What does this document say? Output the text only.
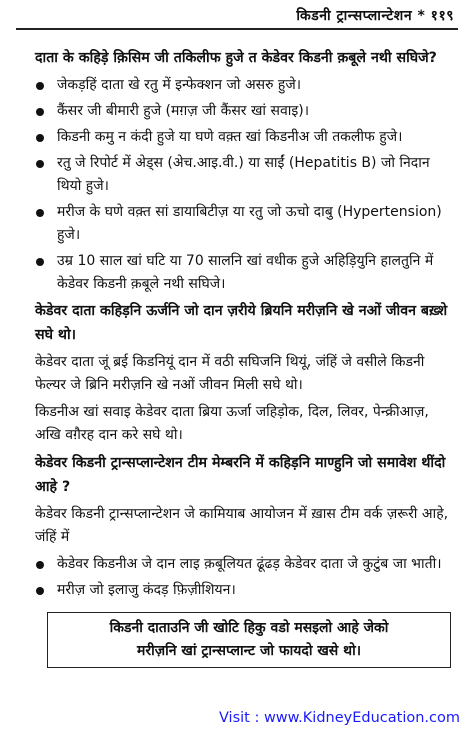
किडनी ट्रान्सप्लान्टेशन * ११९
दाता के कहिड़े क़िसिम जी तकिलीफ हुजे त केडेवर किडनी क़बूले नथी सघिजे?
जेकड़हिं दाता खे रतु में इन्फेक्शन जो असरु हुजे।
कैंसर जी बीमारी हुजे (मग़ज़ जी कैंसर खां सवाइ)।
किडनी कमु न कंदी हुजे या घणे वक़्त खां किडनीअ जी तकलीफ हुजे।
रतु जे रिपोर्ट में अेड्स (अेच.आइ.वी.) या साईं (Hepatitis B) जो निदान थियो हुजे।
मरीज के घणे वक़्त सां डायाबिटीज़ या रतु जो ऊचो दाबु (Hypertension) हुजे।
उम्र 10 साल खां घटि या 70 सालनि खां वधीक हुजे अहिड़ियुनि हालतुनि में केडेवर किडनी क़बूले नथी सघिजे।
केडेवर दाता कहिड़नि ऊर्जनि जो दान ज़रीये ब्रियनि मरीज़नि खे नओं जीवन बख़्शे सघे थो।
केडेवर दाता जूं ब्रई किडनियूं दान में वठी सघिजनि थियूं, जंहिं जे वसीले किडनी फेल्यर जे ब्रिनि मरीज़नि खे नओं जीवन मिली सघे थो।
किडनीअ खां सवाइ केडेवर दाता ब्रिया ऊर्जा जहिड़ोक, दिल, लिवर, पेन्क्रीआज़, अखि वग़ैरह दान करे सघे थो।
केडेवर किडनी ट्रान्सप्लान्टेशन टीम मेम्बरनि में कहिड़नि माण्हुनि जो समावेश थींदो आहे ?
केडेवर किडनी ट्रान्सप्लान्टेशन जे कामियाब आयोजन में ख़ास टीम वर्क ज़रूरी आहे, जंहिं में
केडेवर किडनीअ जे दान लाइ क़बूलियत ढूंढड़ केडेवर दाता जे कुटुंब जा भाती।
मरीज़ जो इलाजु कंदड़ फ़िज़ीशियन।
किडनी दाताउनि जी खोटि हिकु वडो मसइलो आहे जेको
मरीज़नि खां ट्रान्सप्लान्ट जो फायदो खसे थो।
Visit : www.KidneyEducation.com
